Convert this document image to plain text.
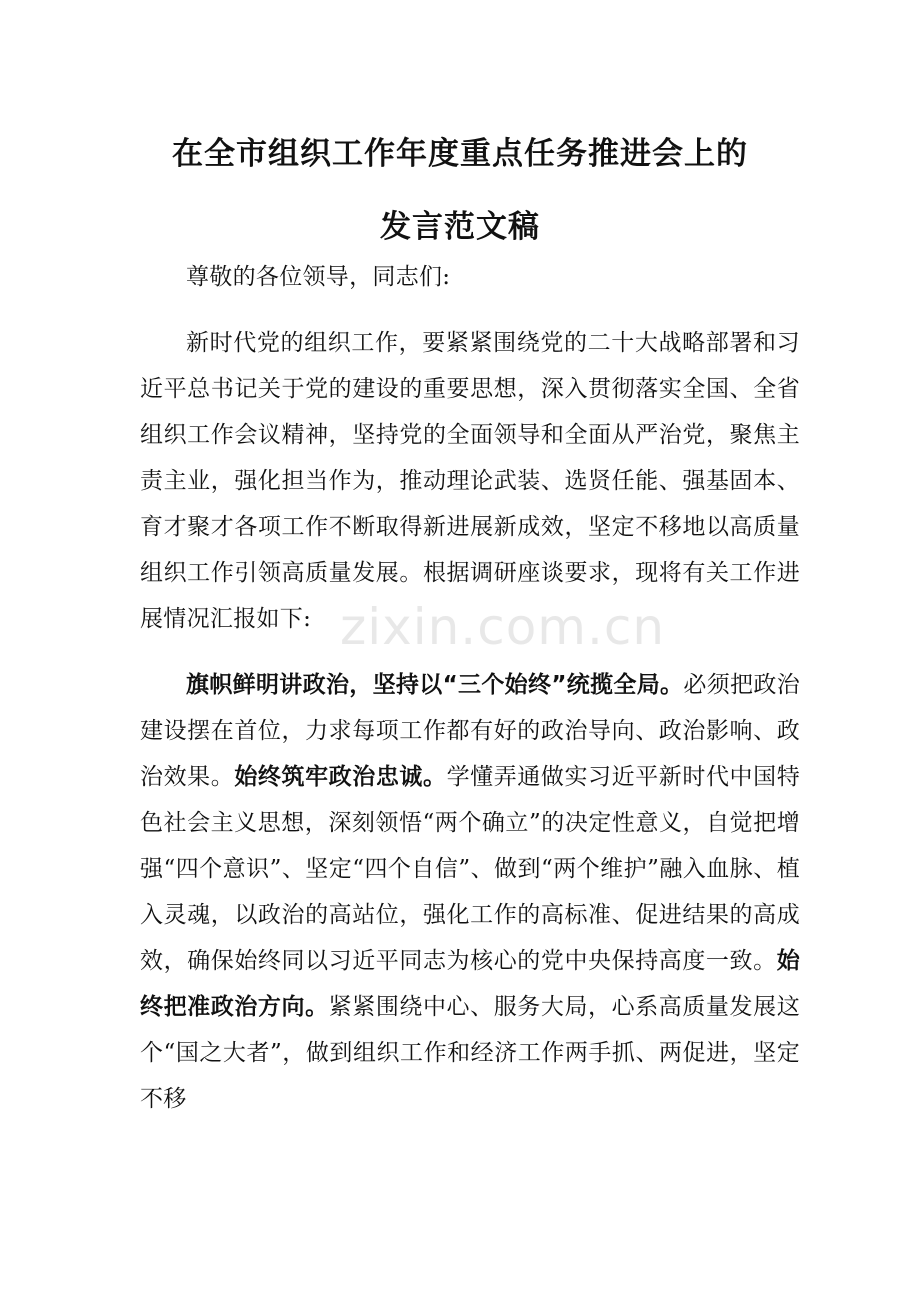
在全市组织工作年度重点任务推进会上的
发言范文稿

尊敬的各位领导，同志们:

新时代党的组织工作，要紧紧围绕党的二十大战略部署和习近平总书记关于党的建设的重要思想，深入贯彻落实全国、全省组织工作会议精神，坚持党的全面领导和全面从严治党，聚焦主责主业，强化担当作为，推动理论武装、选贤任能、强基固本、育才聚才各项工作不断取得新进展新成效，坚定不移地以高质量组织工作引领高质量发展。根据调研座谈要求，现将有关工作进展情况汇报如下:

旗帜鲜明讲政治，坚持以“三个始终”统揽全局。必须把政治建设摆在首位，力求每项工作都有好的政治导向、政治影响、政治效果。始终筑牢政治忠诚。学懂弄通做实习近平新时代中国特色社会主义思想，深刻领悟“两个确立”的决定性意义，自觉把增强“四个意识”、坚定“四个自信”、做到“两个维护”融入血脉、植入灵魂，以政治的高站位，强化工作的高标准、促进结果的高成效，确保始终同以习近平同志为核心的党中央保持高度一致。始终把准政治方向。紧紧围绕中心、服务大局，心系高质量发展这个“国之大者”，做到组织工作和经济工作两手抓、两促进，坚定不移

zixin.com.cn
